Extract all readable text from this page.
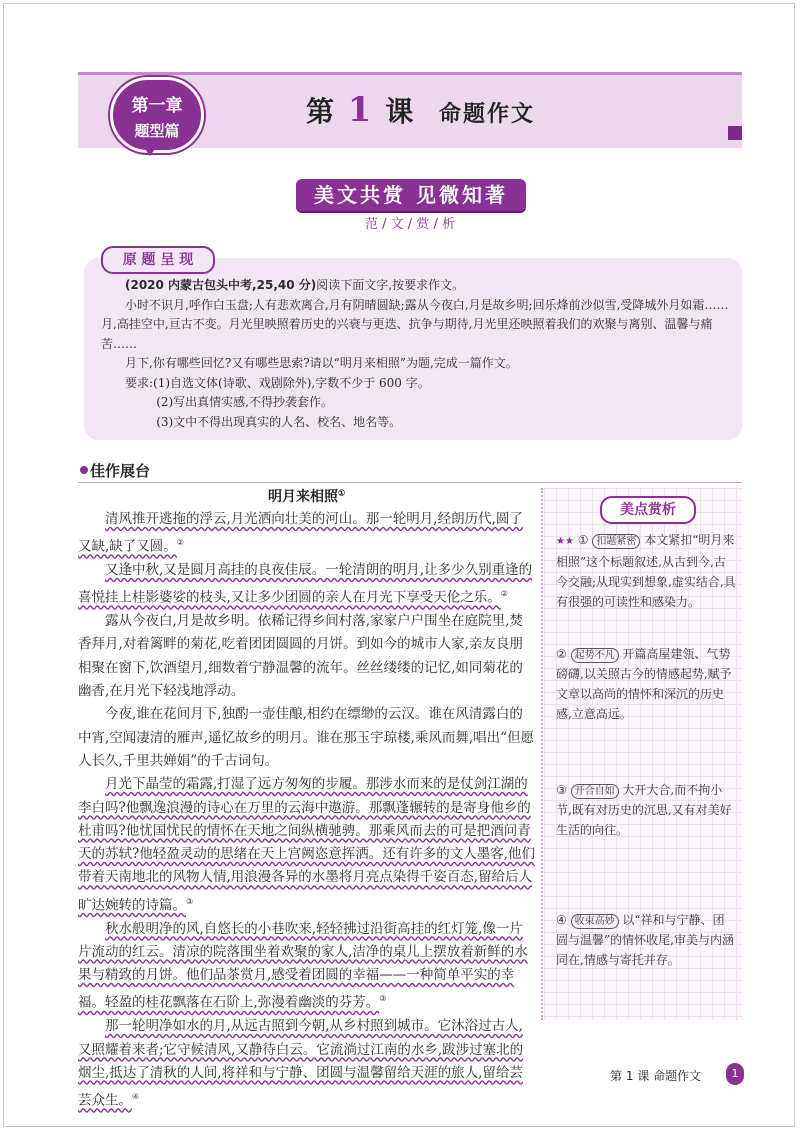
第一章
题型篇
第 1 课 命题作文
美文共赏 见微知著
范 / 文 / 赏 / 析
原 题 呈 现

(2020 内蒙古包头中考,25,40 分)阅读下面文字,按要求作文。

小时不识月,呼作白玉盘;人有悲欢离合,月有阴晴圆缺;露从今夜白,月是故乡明;回乐烽前沙似雪,受降城外月如霜……月,高挂空中,亘古不变。月光里映照着历史的兴衰与更迭、抗争与期待,月光里还映照着我们的欢聚与离别、温馨与痛苦……

月下,你有哪些回忆?又有哪些思索?请以“明月来相照”为题,完成一篇作文。

要求:(1)自选文体(诗歌、戏剧除外),字数不少于 600 字。

(2)写出真情实感,不得抄袭套作。

(3)文中不得出现真实的人名、校名、地名等。

佳作展台
明月来相照①

清风推开逃拖的浮云,月光洒向壮美的河山。那一轮明月,经朗历代,圆了又缺,缺了又圆。②

又逢中秋,又是圆月高挂的良夜佳辰。一轮清朗的明月,让多少久别重逢的喜悦挂上桂影婆娑的枝头,又让多少团圆的亲人在月光下享受天伦之乐。②

露从今夜白,月是故乡明。依稀记得乡间村落,家家户户围坐在庭院里,焚香拜月,对着篱畔的菊花,吃着团团圆圆的月饼。到如今的城市人家,亲友良朋相聚在窗下,饮酒望月,细数着宁静温馨的流年。丝丝缕缕的记忆,如同菊花的幽香,在月光下轻浅地浮动。

今夜,谁在花间月下,独酌一壶佳酿,相约在缥缈的云汉。谁在风清露白的中宵,空闻凄清的雁声,遥忆故乡的明月。谁在那玉宇琼楼,乘风而舞,唱出“但愿人长久,千里共婵娟”的千古词句。

月光下晶莹的霜露,打湿了远方匆匆的步履。那涉水而来的是仗剑江湖的李白吗?他飘逸浪漫的诗心在万里的云海中遨游。那飘蓬辗转的是寄身他乡的杜甫吗?他忧国忧民的情怀在天地之间纵横驰骋。那乘风而去的可是把酒问青天的苏轼?他轻盈灵动的思绪在天上宫阙恣意挥洒。还有许多的文人墨客,他们带着天南地北的风物人情,用浪漫各异的水墨将月亮点染得千姿百态,留给后人旷达婉转的诗篇。③

秋水般明净的风,自悠长的小巷吹来,轻轻拂过沿街高挂的红灯笼,像一片片流动的红云。清凉的院落围坐着欢聚的家人,洁净的桌儿上摆放着新鲜的水果与精致的月饼。他们品茶赏月,感受着团圆的幸福——一种简单平实的幸福。轻盈的桂花飘落在石阶上,弥漫着幽淡的芬芳。③

那一轮明净如水的月,从远古照到今朝,从乡村照到城市。它沐浴过古人,又照耀着来者;它守候清风,又静待白云。它流淌过江南的水乡,跋涉过塞北的烟尘,抵达了清秋的人间,将祥和与宁静、团圆与温馨留给天涯的旅人,留给芸芸众生。④

美点赏析
★★ ① 扣题紧密 本文紧扣“明月来相照”这个标题叙述,从古到今,古今交融;从现实到想象,虚实结合,具有很强的可读性和感染力。
② 起势不凡 开篇高屋建瓴、气势磅礴,以关照古今的情感起势,赋予文章以高尚的情怀和深沉的历史感,立意高远。
③ 开合自如 大开大合,而不拘小节,既有对历史的沉思,又有对美好生活的向往。
④ 收束高妙 以“祥和与宁静、团圆与温馨”的情怀收尾,审美与内涵同在,情感与寄托并存。
第 1 课 命题作文	1
